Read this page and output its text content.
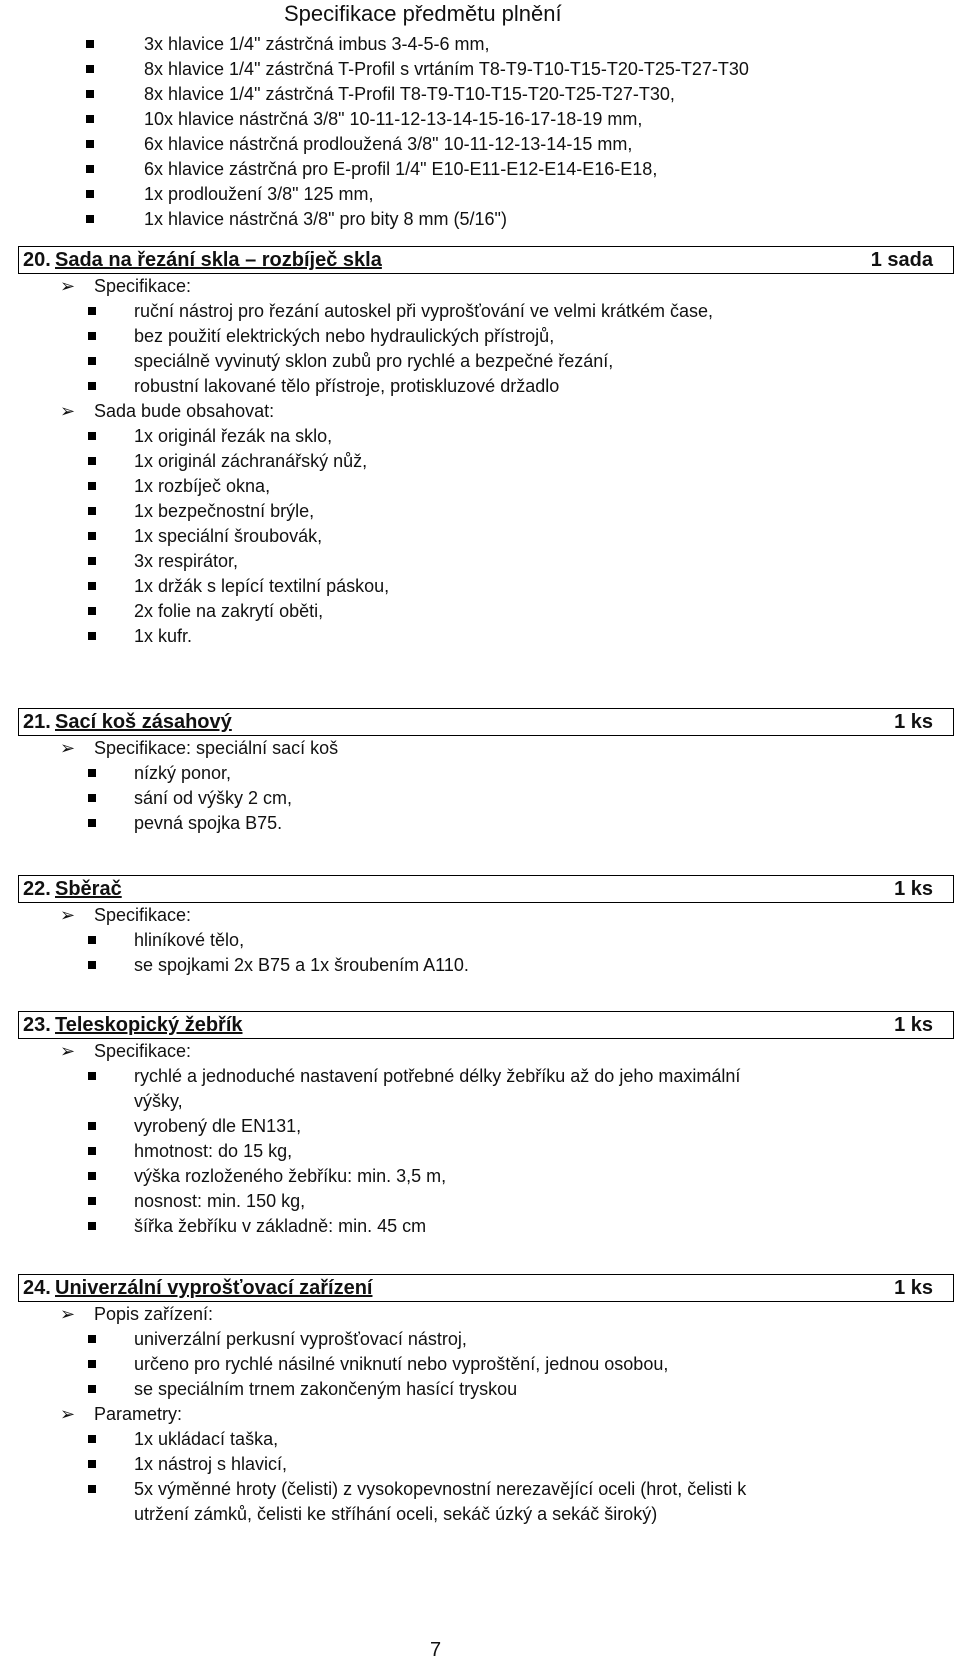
Specifikace předmětu plnění
3x hlavice 1/4" zástrčná imbus 3-4-5-6 mm,
8x hlavice 1/4" zástrčná T-Profil s vrtáním T8-T9-T10-T15-T20-T25-T27-T30
8x hlavice 1/4" zástrčná T-Profil T8-T9-T10-T15-T20-T25-T27-T30,
10x hlavice nástrčná 3/8" 10-11-12-13-14-15-16-17-18-19 mm,
6x hlavice nástrčná prodloužená 3/8" 10-11-12-13-14-15 mm,
6x hlavice zástrčná pro E-profil 1/4" E10-E11-E12-E14-E16-E18,
1x prodloužení 3/8" 125 mm,
1x hlavice nástrčná 3/8" pro bity 8 mm (5/16")
20. Sada na řezání skla – rozbíječ skla	1 sada
➢ Specifikace:
ruční nástroj pro řezání autoskel při vyprošťování ve velmi krátkém čase,
bez použití elektrických nebo hydraulických přístrojů,
speciálně vyvinutý sklon zubů pro rychlé a bezpečné řezání,
robustní lakované tělo přístroje, protiskluzové držadlo
➢ Sada bude obsahovat:
1x originál řezák na sklo,
1x originál záchranářský nůž,
1x rozbíječ okna,
1x bezpečnostní brýle,
1x speciální šroubovák,
3x respirátor,
1x držák s lepící textilní páskou,
2x folie na zakrytí oběti,
1x kufr.
21. Sací koš zásahový	1 ks
➢ Specifikace: speciální sací koš
nízký ponor,
sání od výšky 2 cm,
pevná spojka B75.
22. Sběrač	1 ks
➢ Specifikace:
hliníkové tělo,
se spojkami 2x B75 a 1x šroubením A110.
23. Teleskopický žebřík	1 ks
➢ Specifikace:
rychlé a jednoduché nastavení potřebné délky žebříku až do jeho maximální
výšky,
vyrobený dle EN131,
hmotnost: do 15 kg,
výška rozloženého žebříku: min. 3,5 m,
nosnost: min. 150 kg,
šířka žebříku v základně: min. 45 cm
24. Univerzální vyprošťovací zařízení	1 ks
➢ Popis zařízení:
univerzální perkusní vyprošťovací nástroj,
určeno pro rychlé násilné vniknutí nebo vyproštění, jednou osobou,
se speciálním trnem zakončeným hasící tryskou
➢ Parametry:
1x ukládací taška,
1x nástroj s hlavicí,
5x výměnné hroty (čelisti) z vysokopevnostní nerezavějící oceli (hrot, čelisti k
utržení zámků, čelisti ke stříhání oceli, sekáč úzký a sekáč široký)
7
